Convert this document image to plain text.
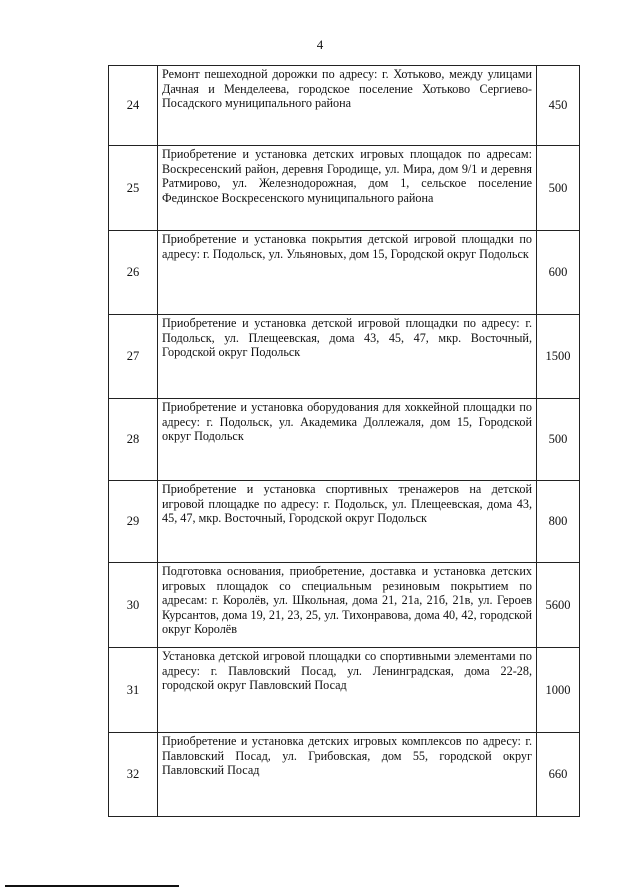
4
24	Ремонт пешеходной дорожки по адресу: г. Хотьково, между улицами Дачная и Менделеева, городское поселение Хотьково Сергиево-Посадского муниципального района	450
25	Приобретение и установка детских игровых площадок по адресам: Воскресенский район, деревня Городище, ул. Мира, дом 9/1 и деревня Ратмирово, ул. Железнодорожная, дом 1, сельское поселение Фединское Воскресенского муниципального района	500
26	Приобретение и установка покрытия детской игровой площадки по адресу: г. Подольск, ул. Ульяновых, дом 15, Городской округ Подольск	600
27	Приобретение и установка детской игровой площадки по адресу: г. Подольск, ул. Плещеевская, дома 43, 45, 47, мкр. Восточный, Городской округ Подольск	1500
28	Приобретение и установка оборудования для хоккейной площадки по адресу: г. Подольск, ул. Академика Доллежаля, дом 15, Городской округ Подольск	500
29	Приобретение и установка спортивных тренажеров на детской игровой площадке по адресу: г. Подольск, ул. Плещеевская, дома 43, 45, 47, мкр. Восточный, Городской округ Подольск	800
30	Подготовка основания, приобретение, доставка и установка детских игровых площадок со специальным резиновым покрытием по адресам: г. Королёв, ул. Школьная, дома 21, 21а, 21б, 21в, ул. Героев Курсантов, дома 19, 21, 23, 25, ул. Тихонравова, дома 40, 42, городской округ Королёв	5600
31	Установка детской игровой площадки со спортивными элементами по адресу: г. Павловский Посад, ул. Ленинградская, дома 22-28, городской округ Павловский Посад	1000
32	Приобретение и установка детских игровых комплексов по адресу: г. Павловский Посад, ул. Грибовская, дом 55, городской округ Павловский Посад	660
